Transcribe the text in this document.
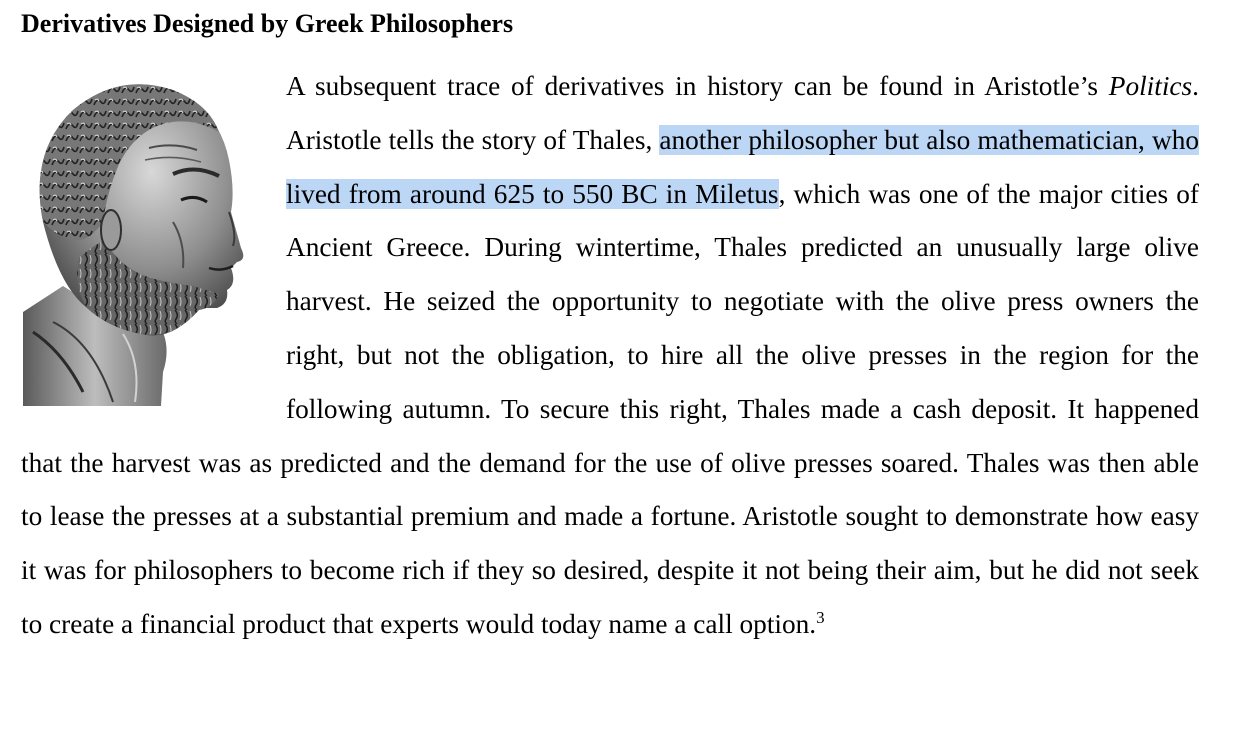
Derivatives Designed by Greek Philosophers

A subsequent trace of derivatives in history can be found in Aristotle’s Politics. Aristotle tells the story of Thales, another philosopher but also mathematician, who lived from around 625 to 550 BC in Miletus, which was one of the major cities of Ancient Greece. During wintertime, Thales predicted an unusually large olive harvest. He seized the opportunity to negotiate with the olive press owners the right, but not the obligation, to hire all the olive presses in the region for the following autumn. To secure this right, Thales made a cash deposit. It happened that the harvest was as predicted and the demand for the use of olive presses soared. Thales was then able to lease the presses at a substantial premium and made a fortune. Aristotle sought to demonstrate how easy it was for philosophers to become rich if they so desired, despite it not being their aim, but he did not seek to create a financial product that experts would today name a call option.$^3$
